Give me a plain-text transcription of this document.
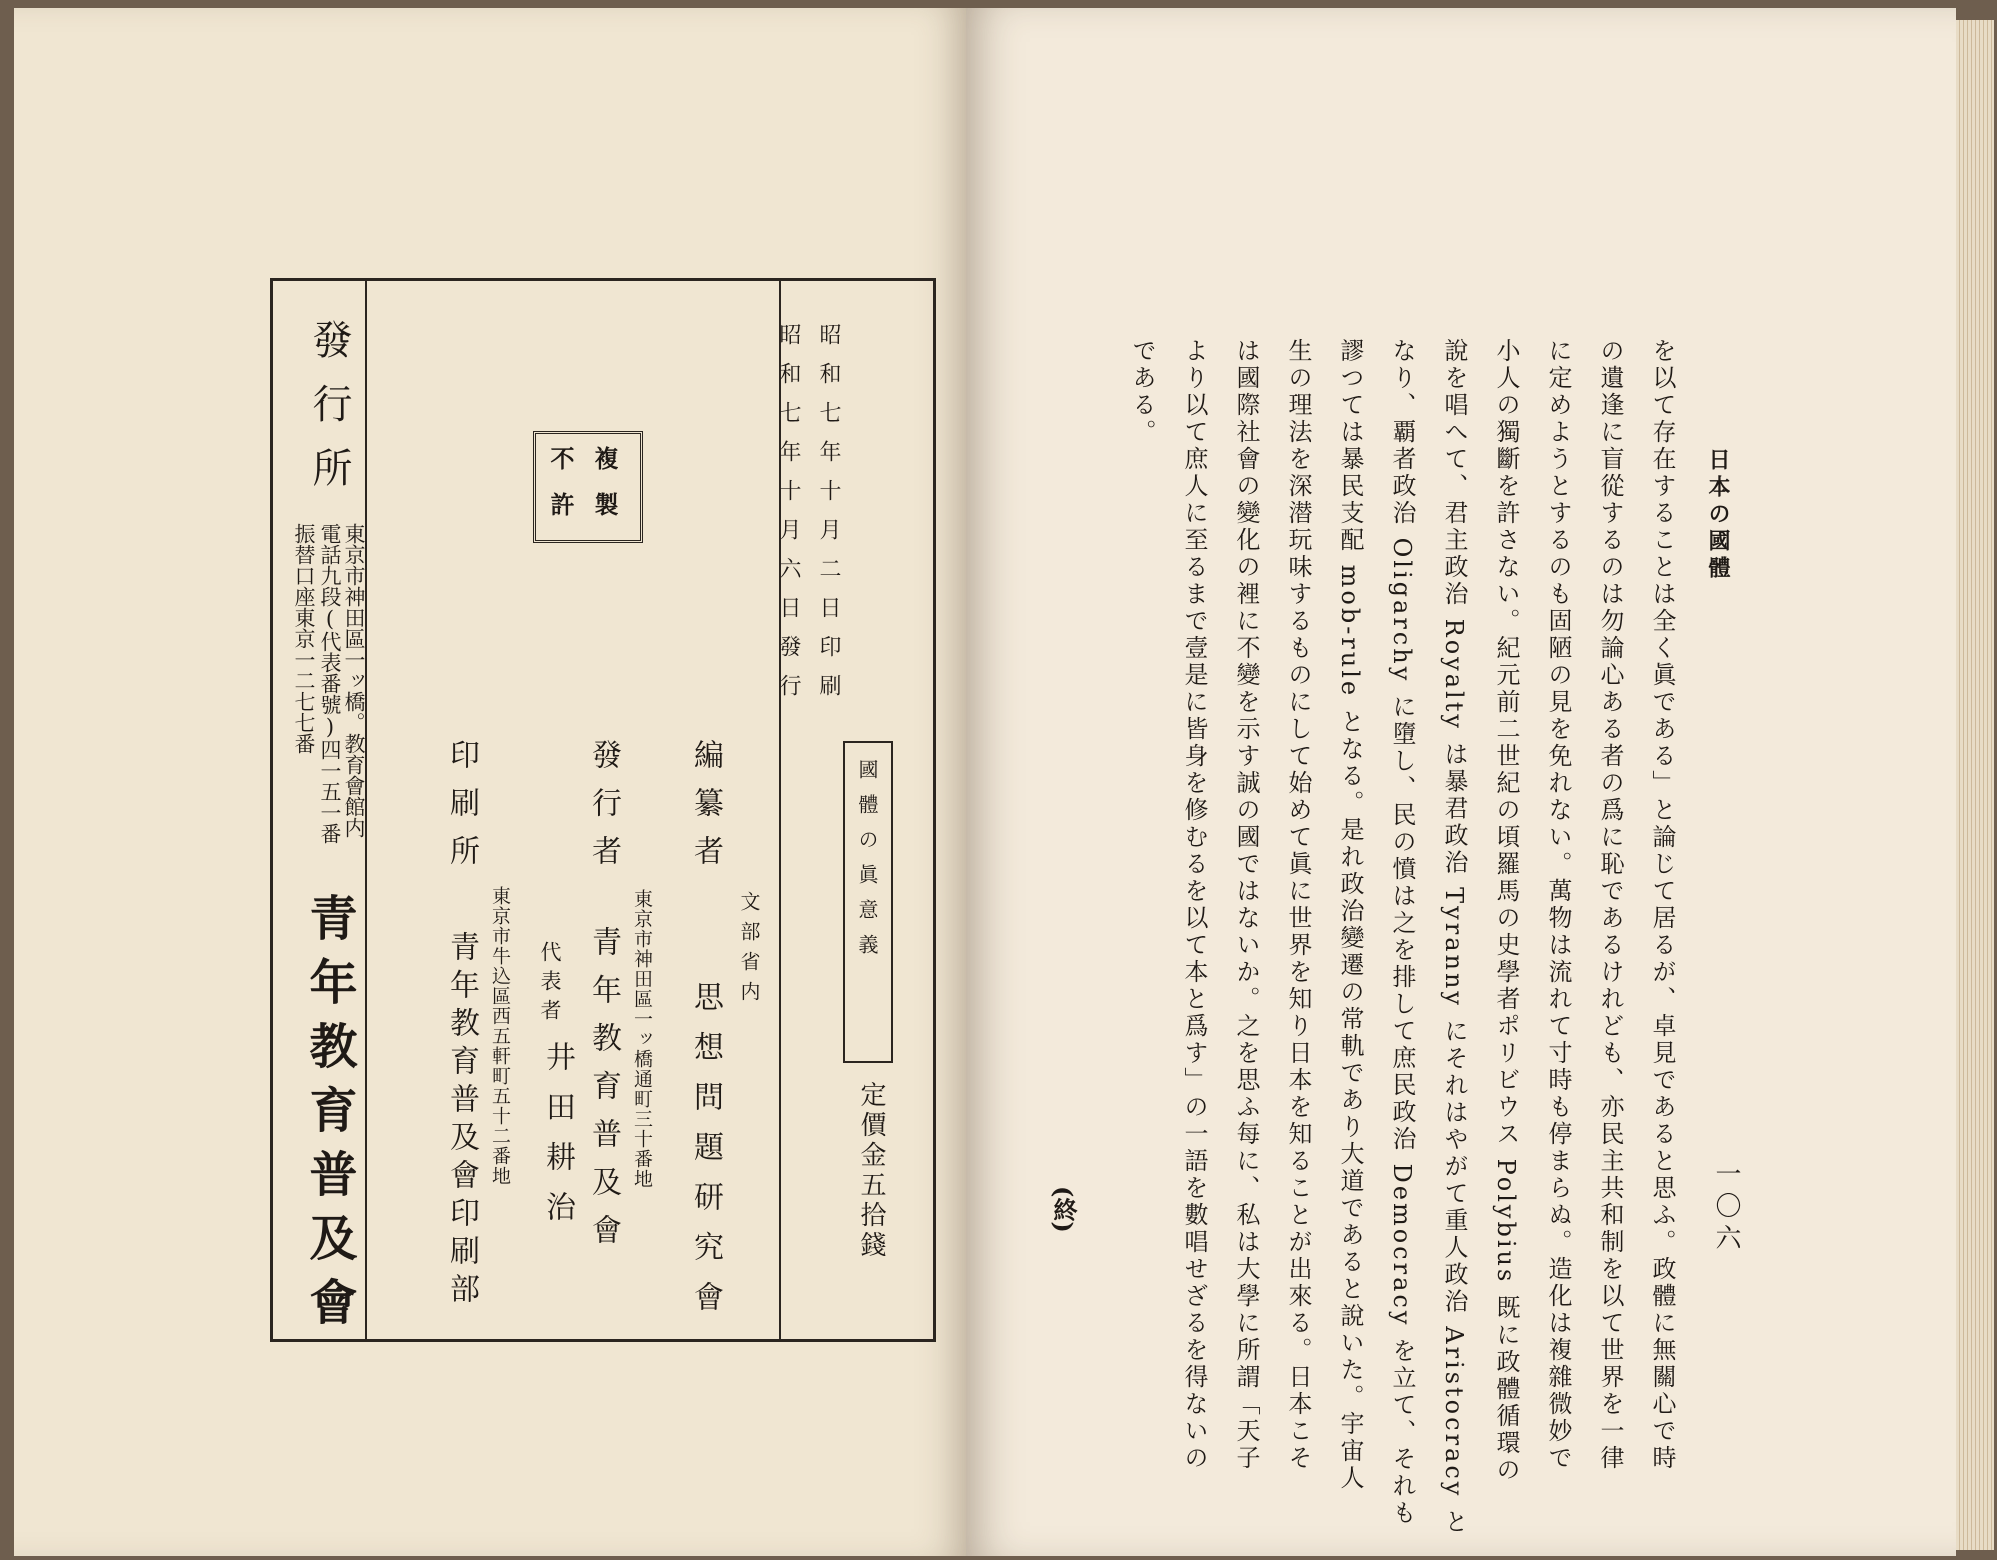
昭和七年十月二日印刷
昭和七年十月六日發行
複製
不許
國體の眞意義
定價金五拾錢
編纂者
文部省内
思想問題研究會
發行者
東京市神田區一ッ橋通町三十番地
青年教育普及會
代表者
井田耕治
印刷所
東京市牛込區西五軒町五十二番地
青年教育普及會印刷部
發行所
東京市神田區一ッ橋。教育會館内
電話九段(代表番號)四一五一番
振替口座東京一二七七番
青年教育普及會
日本の國體
一〇六
を以て存在することは全く眞である」と論じて居るが、卓見であると思ふ。政體に無關心で時
の遺逢に盲從するのは勿論心ある者の爲に恥であるけれども、亦民主共和制を以て世界を一律
に定めようとするのも固陋の見を免れない。萬物は流れて寸時も停まらぬ。造化は複雜微妙で
小人の獨斷を許さない。紀元前二世紀の頃羅馬の史學者ポリビウス Polybius 既に政體循環の
說を唱へて、君主政治 Royalty は暴君政治 Tyranny にそれはやがて重人政治 Aristocracy と
なり、覇者政治 Oligarchy に墮し、民の憤は之を排して庶民政治 Democracy を立て、それも
謬つては暴民支配 mob-rule となる。是れ政治變遷の常軌であり大道であると說いた。宇宙人
生の理法を深潜玩味するものにして始めて眞に世界を知り日本を知ることが出來る。日本こそ
は國際社會の變化の裡に不變を示す誠の國ではないか。之を思ふ每に、私は大學に所謂「天子
より以て庶人に至るまで壹是に皆身を修むるを以て本と爲す」の一語を數唱せざるを得ないの
である。
(終)
